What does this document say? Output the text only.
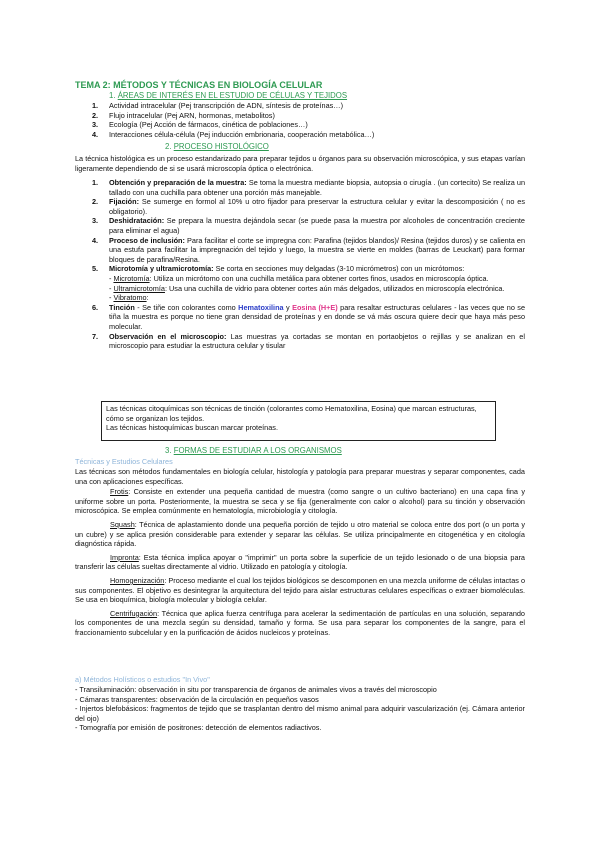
TEMA 2: MÉTODOS Y TÉCNICAS EN BIOLOGÍA CELULAR
1. ÁREAS DE INTERÉS EN EL ESTUDIO DE CÉLULAS Y TEJIDOS
1. Actividad intracelular (Pej transcripción de ADN, síntesis de proteínas…)
2. Flujo intracelular (Pej ARN, hormonas, metabolitos)
3. Ecología (Pej Acción de fármacos, cinética de poblaciones…)
4. Interacciones célula-célula (Pej inducción embrionaria, cooperación metabólica…)
2. PROCESO HISTOLÓGICO
La técnica histológica es un proceso estandarizado para preparar tejidos u órganos para su observación microscópica, y sus etapas varían ligeramente dependiendo de si se usará microscopía óptica o electrónica.
1. Obtención y preparación de la muestra: Se toma la muestra mediante biopsia, autopsia o cirugía . (un cortecito) Se realiza un tallado con una cuchilla para obtener una porción más manejable.
2. Fijación: Se sumerge en formol al 10% u otro fijador para preservar la estructura celular y evitar la descomposición ( no es obligatorio).
3. Deshidratación: Se prepara la muestra dejándola secar (se puede pasa la muestra por alcoholes de concentración creciente para eliminar el agua)
4. Proceso de inclusión: Para facilitar el corte se impregna con: Parafina (tejidos blandos)/ Resina (tejidos duros) y se calienta en una estufa para facilitar la impregnación del tejido y luego, la muestra se vierte en moldes (barras de Leuckart) para formar bloques de parafina/Resina.
5. Microtomía y ultramicrotomía: Se corta en secciones muy delgadas (3-10 micrómetros) con un micrótomos:
- Microtomía: Utiliza un micrótomo con una cuchilla metálica para obtener cortes finos, usados en microscopía óptica.
- Ultramicrotomía: Usa una cuchilla de vidrio para obtener cortes aún más delgados, utilizados en microscopía electrónica.
- Vibratomo:
6. Tinción - Se tiñe con colorantes como Hematoxilina y Eosina (H+E) para resaltar estructuras celulares - las veces que no se tiña la muestra es porque no tiene gran densidad de proteínas y en donde se vá más oscura quiere decir que haya más peso molecular.
7. Observación en el microscopio: Las muestras ya cortadas se montan en portaobjetos o rejillas y se analizan en el microscopio para estudiar la estructura celular y tisular
Las técnicas citoquímicas son técnicas de tinción (colorantes como Hematoxilina, Eosina) que marcan estructuras, cómo se organizan los tejidos.
Las técnicas histoquímicas buscan marcar proteínas.
3. FORMAS DE ESTUDIAR A LOS ORGANISMOS
Técnicas y Estudios Celulares
Las técnicas son métodos fundamentales en biología celular, histología y patología para preparar muestras y separar componentes, cada una con aplicaciones específicas.
Frotis: Consiste en extender una pequeña cantidad de muestra (como sangre o un cultivo bacteriano) en una capa fina y uniforme sobre un porta. Posteriormente, la muestra se seca y se fija (generalmente con calor o alcohol) para su tinción y observación microscópica. Se emplea comúnmente en hematología, microbiología y citología.
Squash: Técnica de aplastamiento donde una pequeña porción de tejido u otro material se coloca entre dos port (o un porta y un cubre) y se aplica presión considerable para extender y separar las células. Se utiliza principalmente en citogenética y en citología diagnóstica rápida.
Impronta: Esta técnica implica apoyar o "imprimir" un porta sobre la superficie de un tejido lesionado o de una biopsia para transferir las células sueltas directamente al vidrio. Utilizado en patología y citología.
Homogenización: Proceso mediante el cual los tejidos biológicos se descomponen en una mezcla uniforme de células intactas o sus componentes. El objetivo es desintegrar la arquitectura del tejido para aislar estructuras celulares específicas o extraer biomoléculas. Se usa en bioquímica, biología molecular y biología celular.
Centrifugación: Técnica que aplica fuerza centrífuga para acelerar la sedimentación de partículas en una solución, separando los componentes de una mezcla según su densidad, tamaño y forma. Se usa para separar los componentes de la sangre, para el fraccionamiento subcelular y en la purificación de ácidos nucleicos y proteínas.
a) Métodos Holísticos o estudios "In Vivo"
- Transiluminación: observación in situ por transparencia de órganos de animales vivos a través del microscopio
- Cámaras transparentes: observación de la circulación en pequeños vasos
- Injertos blefobásicos: fragmentos de tejido que se trasplantan dentro del mismo animal para adquirir vascularización (ej. Cámara anterior del ojo)
- Tomografía por emisión de positrones: detección de elementos radiactivos.
